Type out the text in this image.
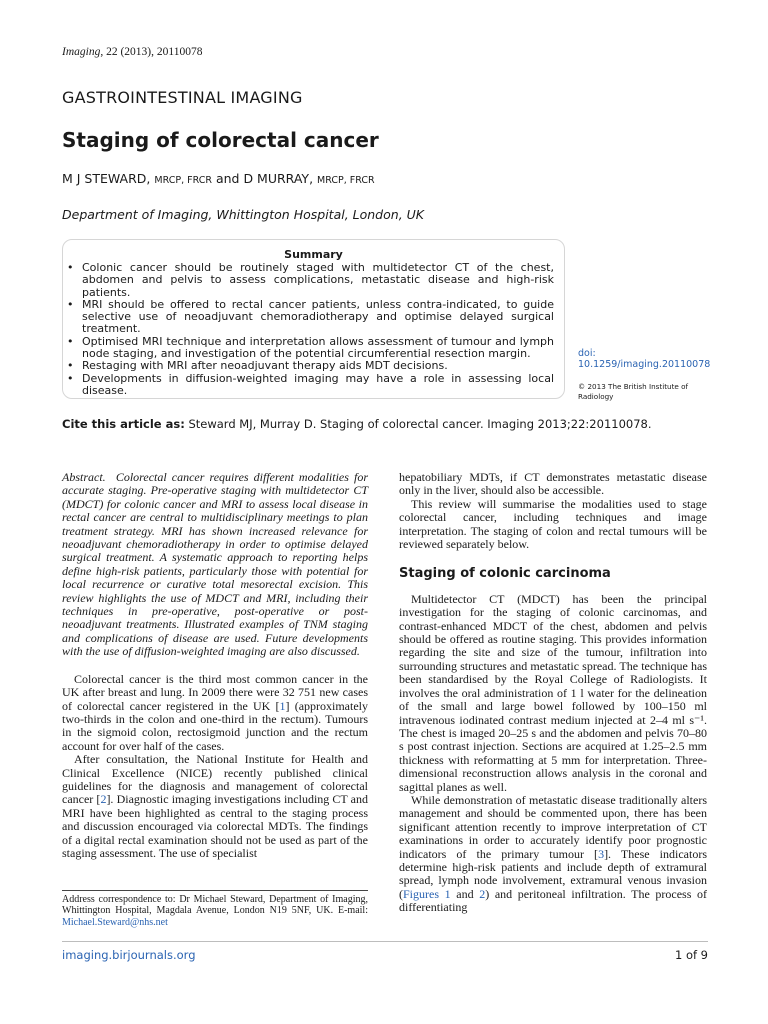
Imaging, 22 (2013), 20110078
GASTROINTESTINAL IMAGING
Staging of colorectal cancer
M J STEWARD, MRCP, FRCR and D MURRAY, MRCP, FRCR
Department of Imaging, Whittington Hospital, London, UK
Summary
• Colonic cancer should be routinely staged with multidetector CT of the chest, abdomen and pelvis to assess complications, metastatic disease and high-risk patients.
• MRI should be offered to rectal cancer patients, unless contra-indicated, to guide selective use of neoadjuvant chemoradiotherapy and optimise delayed surgical treatment.
• Optimised MRI technique and interpretation allows assessment of tumour and lymph node staging, and investigation of the potential circumferential resection margin.
• Restaging with MRI after neoadjuvant therapy aids MDT decisions.
• Developments in diffusion-weighted imaging may have a role in assessing local disease.
doi: 10.1259/imaging.20110078
© 2013 The British Institute of Radiology
Cite this article as: Steward MJ, Murray D. Staging of colorectal cancer. Imaging 2013;22:20110078.

Abstract. Colorectal cancer requires different modalities for accurate staging. Pre-operative staging with multidetector CT (MDCT) for colonic cancer and MRI to assess local disease in rectal cancer are central to multidisciplinary meetings to plan treatment strategy. MRI has shown increased relevance for neoadjuvant chemoradiotherapy in order to optimise delayed surgical treatment. A systematic approach to reporting helps define high-risk patients, particularly those with potential for local recurrence or curative total mesorectal excision. This review highlights the use of MDCT and MRI, including their techniques in pre-operative, post-operative or post-neoadjuvant treatments. Illustrated examples of TNM staging and complications of disease are used. Future developments with the use of diffusion-weighted imaging are also discussed.

Colorectal cancer is the third most common cancer in the UK after breast and lung. In 2009 there were 32 751 new cases of colorectal cancer registered in the UK [1] (approximately two-thirds in the colon and one-third in the rectum). Tumours in the sigmoid colon, rectosigmoid junction and the rectum account for over half of the cases.

After consultation, the National Institute for Health and Clinical Excellence (NICE) recently published clinical guidelines for the diagnosis and management of colorectal cancer [2]. Diagnostic imaging investigations including CT and MRI have been highlighted as central to the staging process and discussion encouraged via colorectal MDTs. The findings of a digital rectal examination should not be used as part of the staging assessment. The use of specialist

Address correspondence to: Dr Michael Steward, Department of Imaging, Whittington Hospital, Magdala Avenue, London N19 5NF, UK. E-mail: Michael.Steward@nhs.net

hepatobiliary MDTs, if CT demonstrates metastatic disease only in the liver, should also be accessible.

This review will summarise the modalities used to stage colorectal cancer, including techniques and image interpretation. The staging of colon and rectal tumours will be reviewed separately below.

Staging of colonic carcinoma

Multidetector CT (MDCT) has been the principal investigation for the staging of colonic carcinomas, and contrast-enhanced MDCT of the chest, abdomen and pelvis should be offered as routine staging. This provides information regarding the site and size of the tumour, infiltration into surrounding structures and metastatic spread. The technique has been standardised by the Royal College of Radiologists. It involves the oral administration of 1 l water for the delineation of the small and large bowel followed by 100–150 ml intravenous iodinated contrast medium injected at 2–4 ml s⁻¹. The chest is imaged 20–25 s and the abdomen and pelvis 70–80 s post contrast injection. Sections are acquired at 1.25–2.5 mm thickness with reformatting at 5 mm for interpretation. Three-dimensional reconstruction allows analysis in the coronal and sagittal planes as well.

While demonstration of metastatic disease traditionally alters management and should be commented upon, there has been significant attention recently to improve interpretation of CT examinations in order to accurately identify poor prognostic indicators of the primary tumour [3]. These indicators determine high-risk patients and include depth of extramural spread, lymph node involvement, extramural venous invasion (Figures 1 and 2) and peritoneal infiltration. The process of differentiating

imaging.birjournals.org	1 of 9
